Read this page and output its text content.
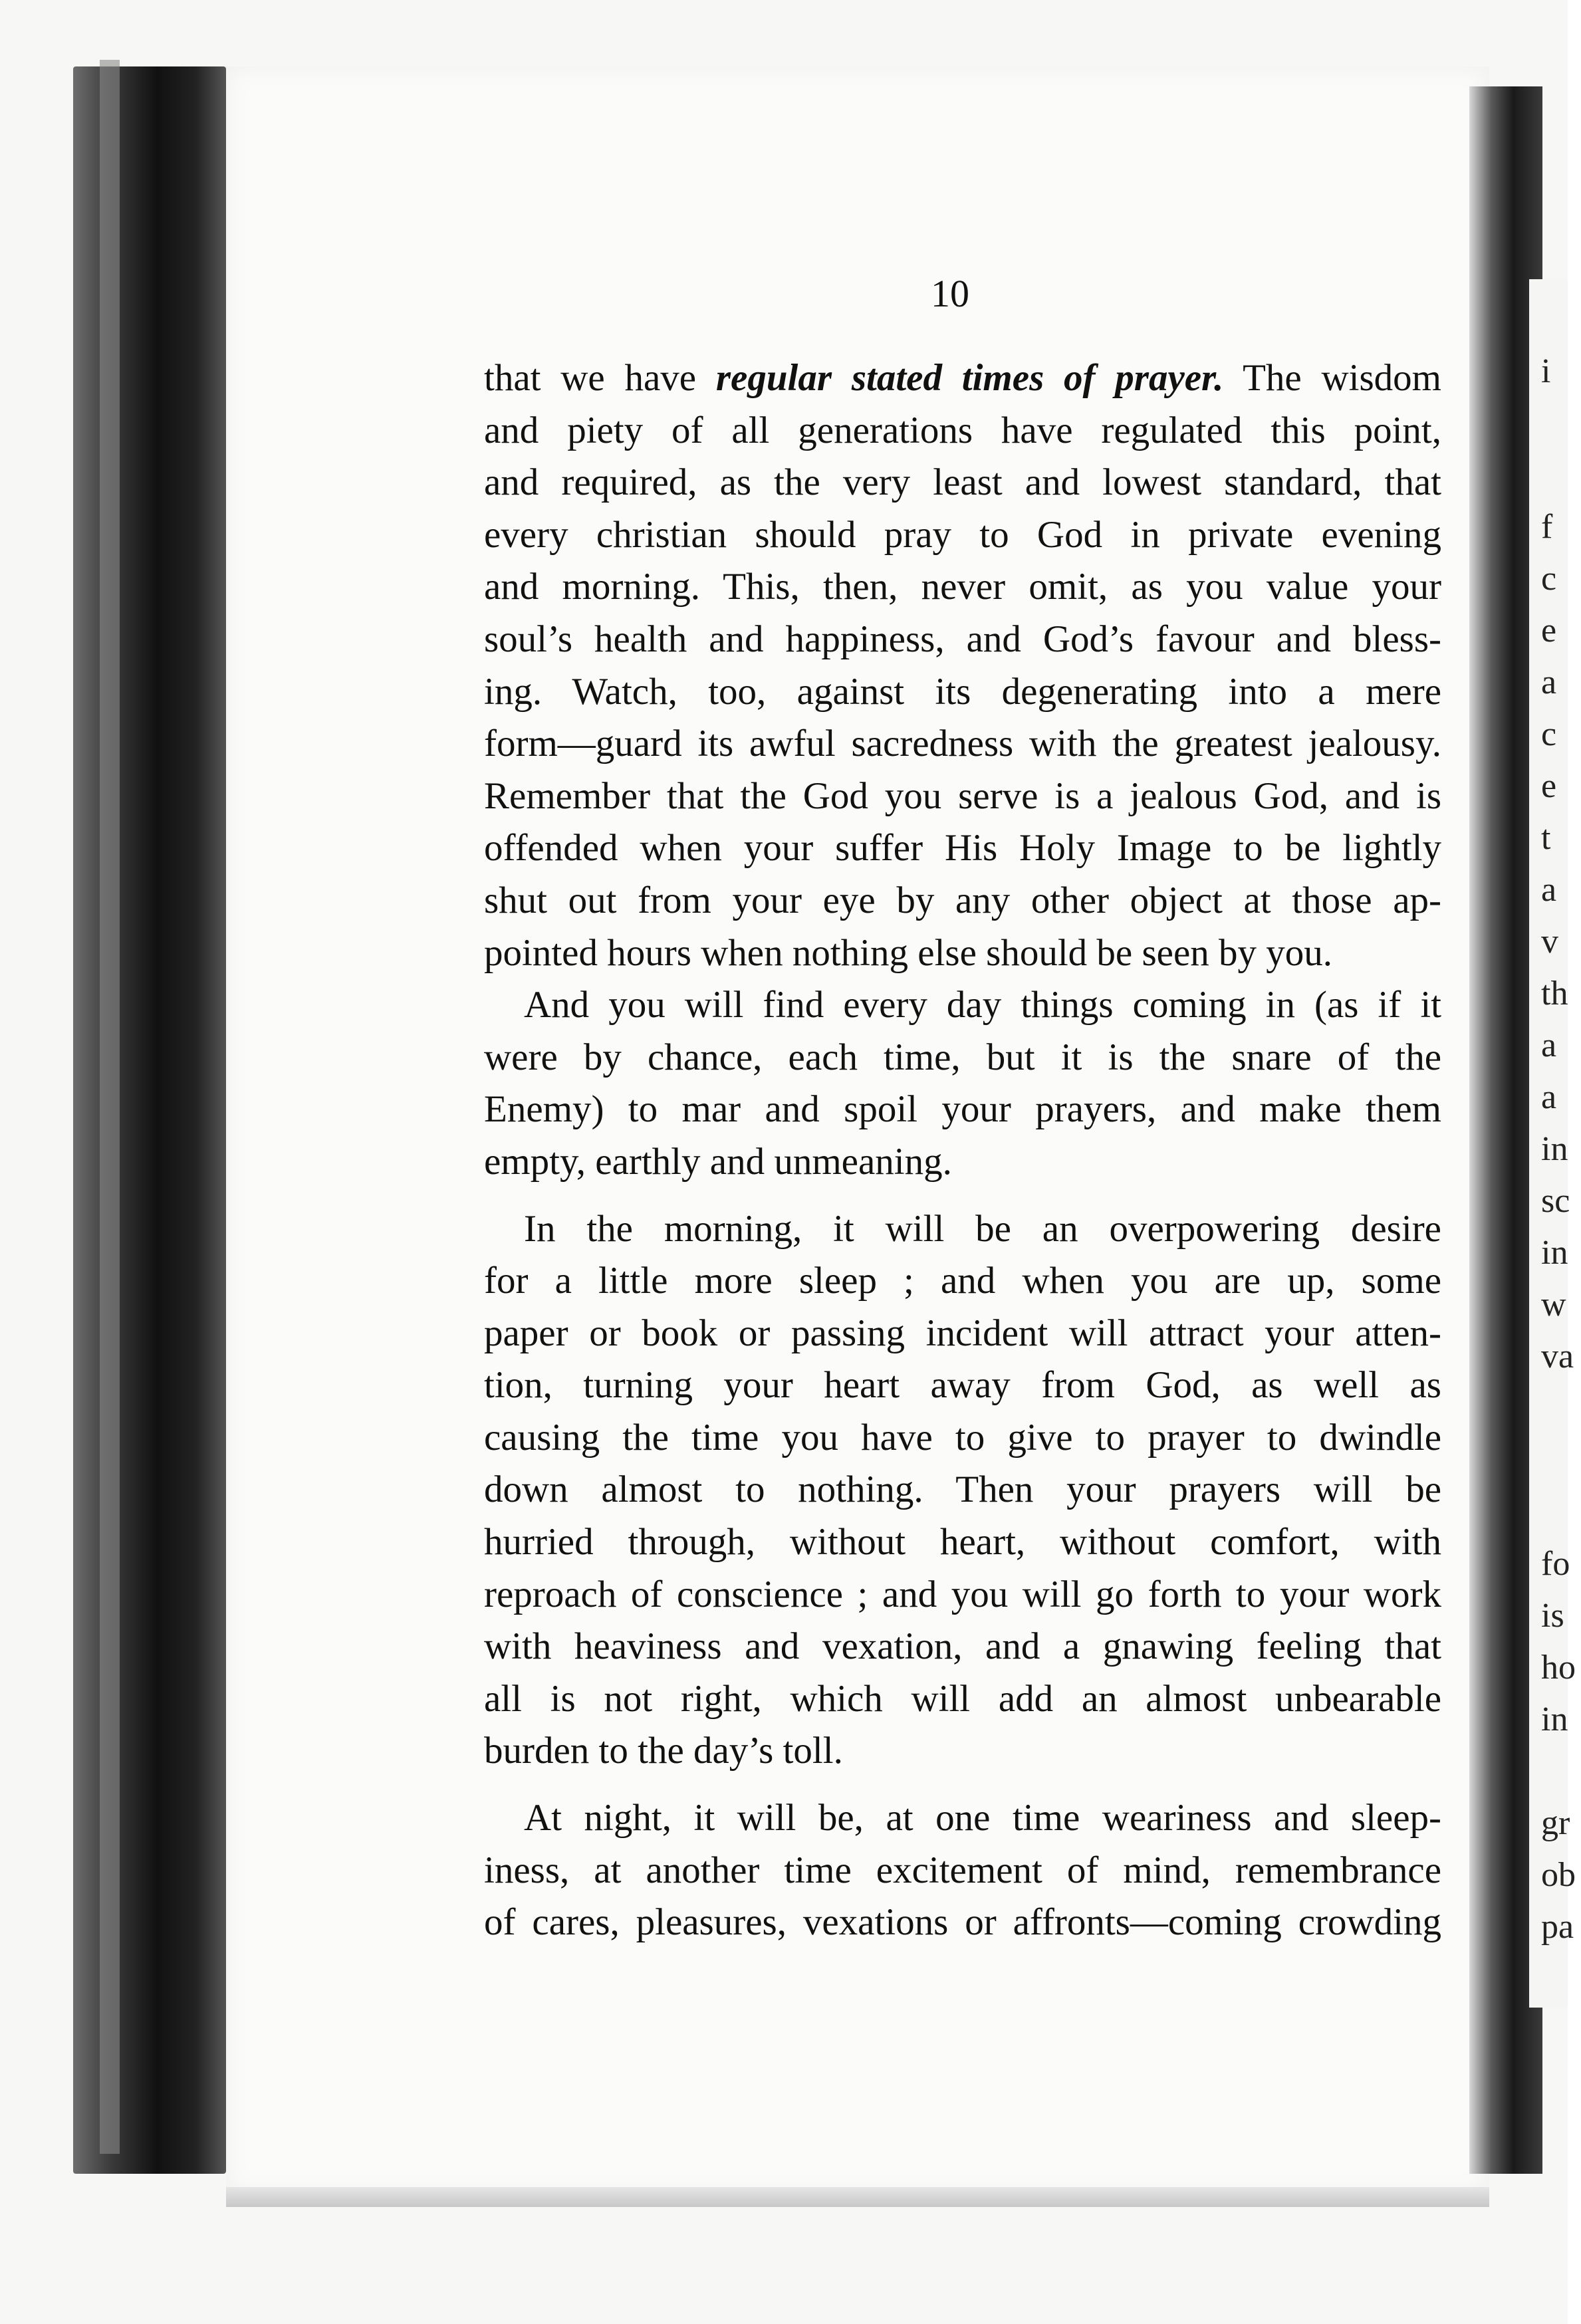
i

f
c
e
a
c
e
t
a
v
th
a
a
in
sc
in
w
va

fo
is
ho
in

gr
ob
pa
10
that we have regular stated times of prayer. The wisdom
and piety of all generations have regulated this point,
and required, as the very least and lowest standard, that
every christian should pray to God in private evening
and morning. This, then, never omit, as you value your
soul’s health and happiness, and God’s favour and bless-
ing. Watch, too, against its degenerating into a mere
form—guard its awful sacredness with the greatest jealousy.
Remember that the God you serve is a jealous God, and is
offended when your suffer His Holy Image to be lightly
shut out from your eye by any other object at those ap-
pointed hours when nothing else should be seen by you.
And you will find every day things coming in (as if it
were by chance, each time, but it is the snare of the
Enemy) to mar and spoil your prayers, and make them
empty, earthly and unmeaning.
In the morning, it will be an overpowering desire
for a little more sleep ; and when you are up, some
paper or book or passing incident will attract your atten-
tion, turning your heart away from God, as well as
causing the time you have to give to prayer to dwindle
down almost to nothing. Then your prayers will be
hurried through, without heart, without comfort, with
reproach of conscience ; and you will go forth to your work
with heaviness and vexation, and a gnawing feeling that
all is not right, which will add an almost unbearable
burden to the day’s toll.
At night, it will be, at one time weariness and sleep-
iness, at another time excitement of mind, remembrance
of cares, pleasures, vexations or affronts—coming crowding
